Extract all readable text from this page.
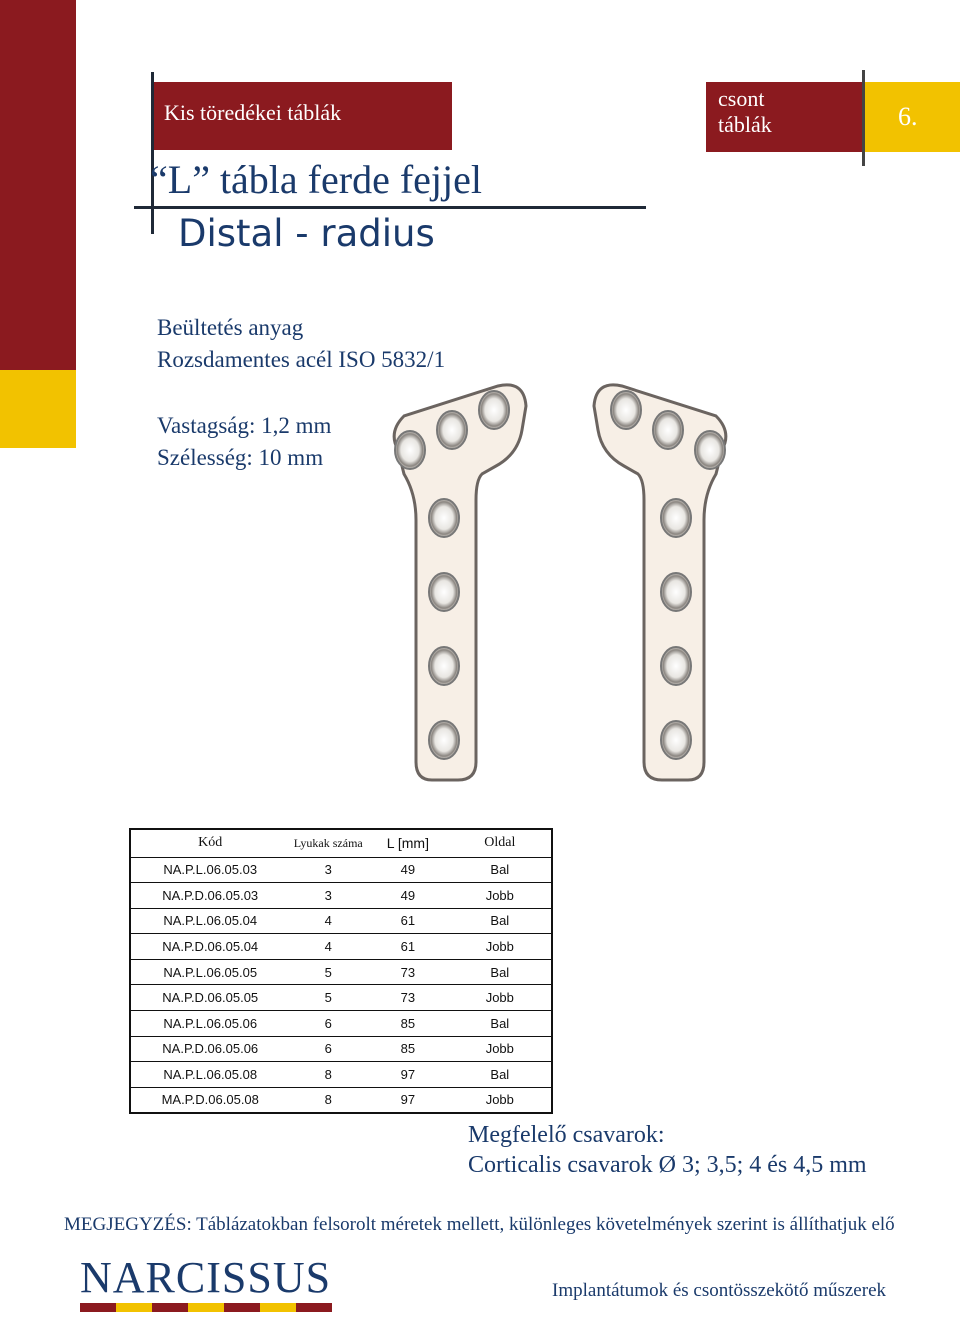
Kis töredékei táblák
csont
táblák	6.
“L” tábla ferde fejjel
Distal - radius
Beültetés anyag
Rozsdamentes acél ISO 5832/1
Vastagság: 1,2 mm
Szélesség: 10 mm
Kód	Lyukak száma	L [mm]	Oldal
NA.P.L.06.05.03	3	49	Bal
NA.P.D.06.05.03	3	49	Jobb
NA.P.L.06.05.04	4	61	Bal
NA.P.D.06.05.04	4	61	Jobb
NA.P.L.06.05.05	5	73	Bal
NA.P.D.06.05.05	5	73	Jobb
NA.P.L.06.05.06	6	85	Bal
NA.P.D.06.05.06	6	85	Jobb
NA.P.L.06.05.08	8	97	Bal
MA.P.D.06.05.08	8	97	Jobb
Megfelelő csavarok:
Corticalis csavarok Ø 3; 3,5; 4 és 4,5 mm
MEGJEGYZÉS: Táblázatokban felsorolt méretek mellett, különleges követelmények szerint is állíthatjuk elő
NARCISSUS	Implantátumok és csontösszekötő műszerek
